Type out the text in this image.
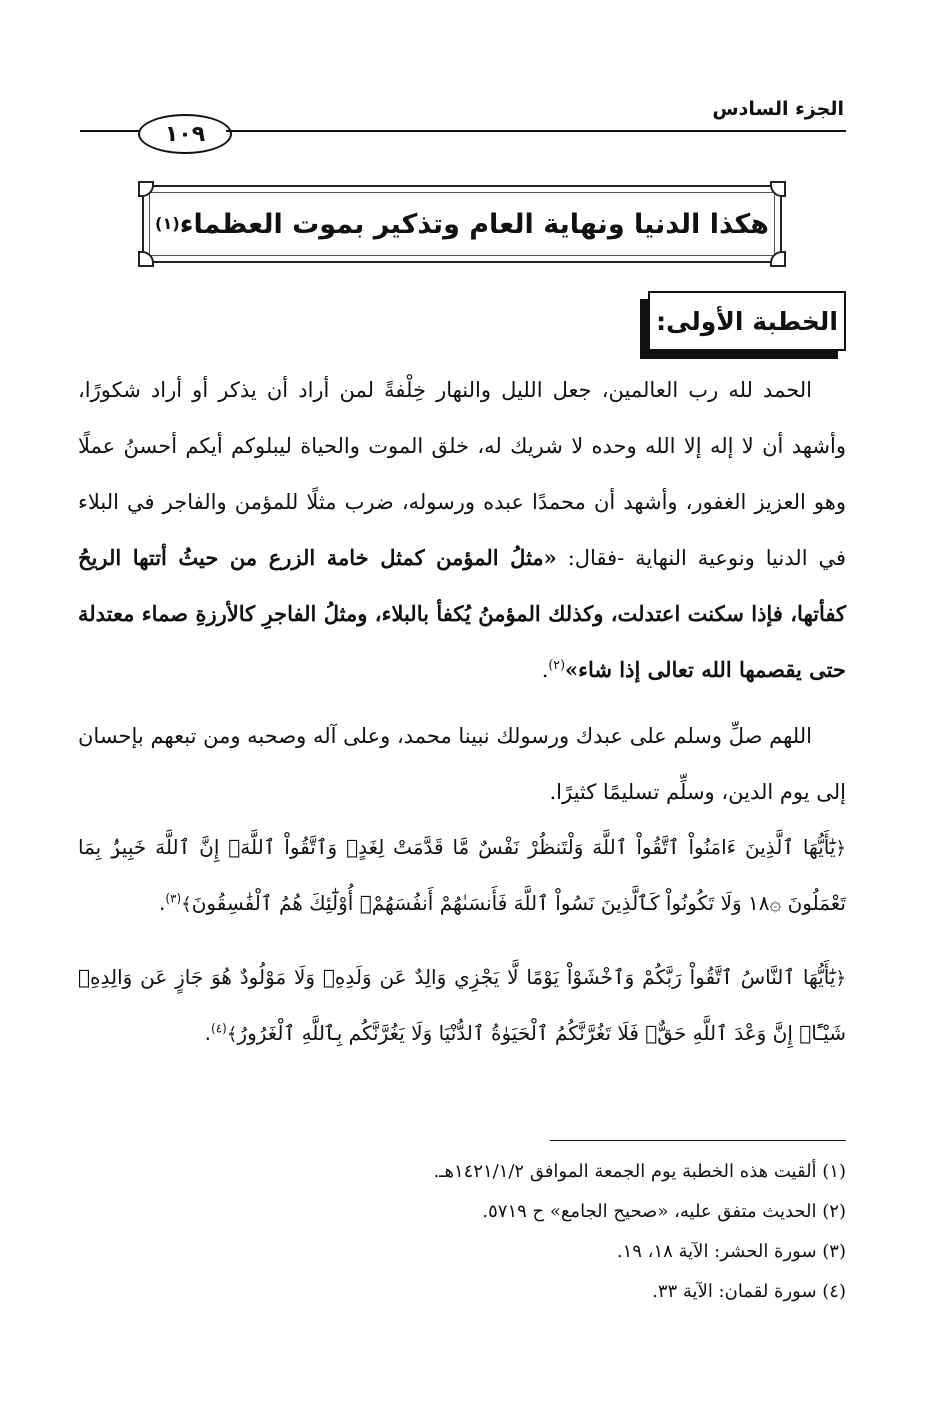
الجزء السادس
١٠٩
هكذا الدنيا ونهاية العام وتذكير بموت العظماء
(١)
الخطبة الأولى:

الحمد لله رب العالمين، جعل الليل والنهار خِلْفةً لمن أراد أن يذكر أو أراد شكورًا، وأشهد أن لا إله إلا الله وحده لا شريك له، خلق الموت والحياة ليبلوكم أيكم أحسنُ عملًا وهو العزيز الغفور، وأشهد أن محمدًا عبده ورسوله، ضرب مثلًا للمؤمن والفاجر في البلاء في الدنيا ونوعية النهاية -فقال: «مثلُ المؤمن كمثل خامة الزرع من حيثُ أتتها الريحُ كفأتها، فإذا سكنت اعتدلت، وكذلك المؤمنُ يُكفأ بالبلاء، ومثلُ الفاجرِ كالأرزةِ صماء معتدلة حتى يقصمها الله تعالى إذا شاء»$^{(٢)}$.

اللهم صلِّ وسلم على عبدك ورسولك نبينا محمد، وعلى آله وصحبه ومن تبعهم بإحسان إلى يوم الدين، وسلِّم تسليمًا كثيرًا.

﴿يَٰٓأَيُّهَا ٱلَّذِينَ ءَامَنُواْ ٱتَّقُواْ ٱللَّهَ وَلْتَنظُرْ نَفْسٌ مَّا قَدَّمَتْ لِغَدٍۖ وَٱتَّقُواْ ٱللَّهَۚ إِنَّ ٱللَّهَ خَبِيرُۢ بِمَا تَعْمَلُونَ ۞١٨ وَلَا تَكُونُواْ كَٱلَّذِينَ نَسُواْ ٱللَّهَ فَأَنسَىٰهُمْ أَنفُسَهُمْۚ أُوْلَٰٓئِكَ هُمُ ٱلْفَٰسِقُونَ﴾$^{(٣)}$.
﴿يَٰٓأَيُّهَا ٱلنَّاسُ ٱتَّقُواْ رَبَّكُمْ وَٱخْشَوْاْ يَوْمًا لَّا يَجْزِي وَالِدٌ عَن وَلَدِهِۦ وَلَا مَوْلُودٌ هُوَ جَازٍ عَن وَالِدِهِۦ شَيْـًٔاۚ إِنَّ وَعْدَ ٱللَّهِ حَقٌّۖ فَلَا تَغُرَّنَّكُمُ ٱلْحَيَوٰةُ ٱلدُّنْيَا وَلَا يَغُرَّنَّكُم بِٱللَّهِ ٱلْغَرُورُ﴾$^{(٤)}$.
(١) ألقيت هذه الخطبة يوم الجمعة الموافق ١٤٢١/١/٢هـ.
(٢) الحديث متفق عليه، «صحيح الجامع» ح ٥٧١٩.
(٣) سورة الحشر: الآية ١٨، ١٩.
(٤) سورة لقمان: الآية ٣٣.
